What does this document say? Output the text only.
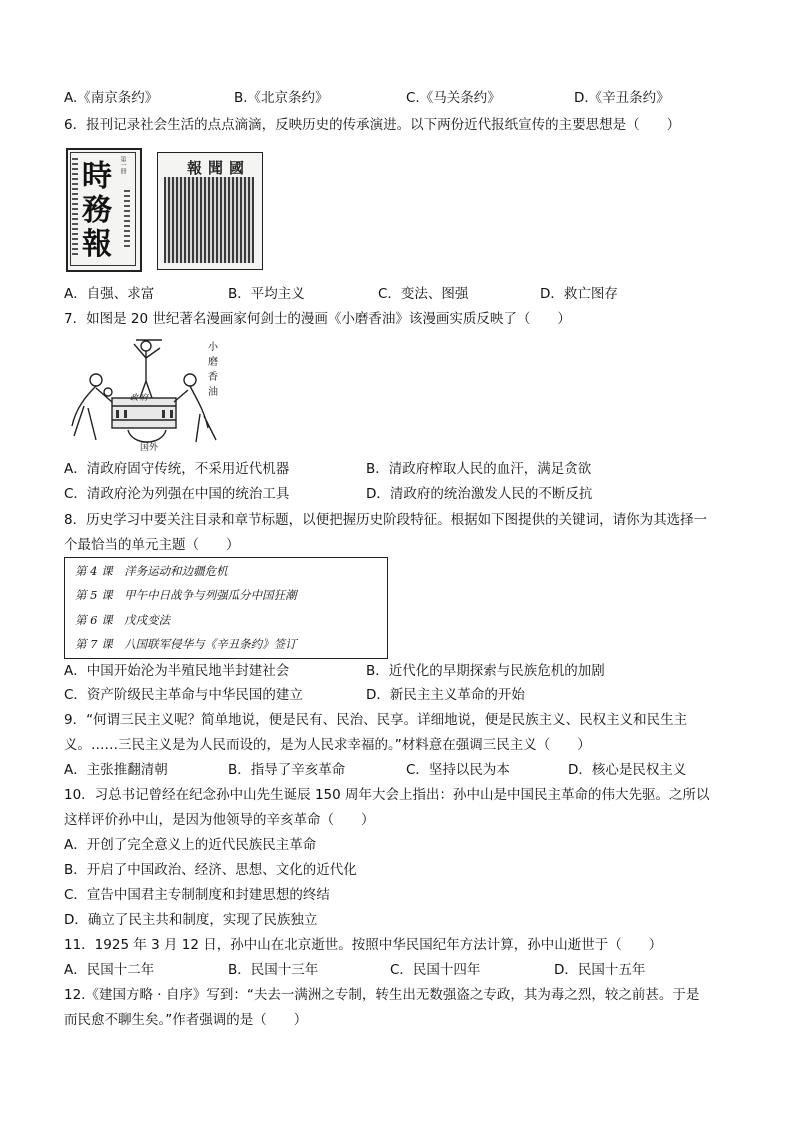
A.《南京条约》	B.《北京条约》	C.《马关条约》	D.《辛丑条约》
6．报刊记录社会生活的点点滴滴，反映历史的传承演进。以下两份近代报纸宣传的主要思想是（　　）
時
務
報
第一冊	國聞報
A．自强、求富	B．平均主义	C．变法、图强	D．救亡图存
7．如图是 20 世纪著名漫画家何剑士的漫画《小磨香油》该漫画实质反映了（　　）
政府
国外
小
磨
香
油
A．清政府固守传统，不采用近代机器	B．清政府榨取人民的血汗，满足贪欲
C．清政府沦为列强在中国的统治工具	D．清政府的统治激发人民的不断反抗
8．历史学习中要关注目录和章节标题，以便把握历史阶段特征。根据如下图提供的关键词，请你为其选择一
个最恰当的单元主题（　　）
第 4 课　洋务运动和边疆危机
第 5 课　甲午中日战争与列强瓜分中国狂潮
第 6 课　戊戌变法
第 7 课　八国联军侵华与《辛丑条约》签订
A．中国开始沦为半殖民地半封建社会	B．近代化的早期探索与民族危机的加剧
C．资产阶级民主革命与中华民国的建立	D．新民主主义革命的开始
9．“何谓三民主义呢？简单地说，便是民有、民治、民享。详细地说，便是民族主义、民权主义和民生主
义。……三民主义是为人民而设的，是为人民求幸福的。”材料意在强调三民主义（　　）
A．主张推翻清朝	B．指导了辛亥革命	C．坚持以民为本	D．核心是民权主义
10．习总书记曾经在纪念孙中山先生诞辰 150 周年大会上指出：孙中山是中国民主革命的伟大先驱。之所以
这样评价孙中山，是因为他领导的辛亥革命（　　）
A．开创了完全意义上的近代民族民主革命
B．开启了中国政治、经济、思想、文化的近代化
C．宣告中国君主专制制度和封建思想的终结
D．确立了民主共和制度，实现了民族独立
11．1925 年 3 月 12 日，孙中山在北京逝世。按照中华民国纪年方法计算，孙中山逝世于（　　）
A．民国十二年	B．民国十三年	C．民国十四年	D．民国十五年
12.《建国方略 · 自序》写到：“夫去一满洲之专制，转生出无数强盗之专政，其为毒之烈，较之前甚。于是
而民愈不聊生矣。”作者强调的是（　　）
